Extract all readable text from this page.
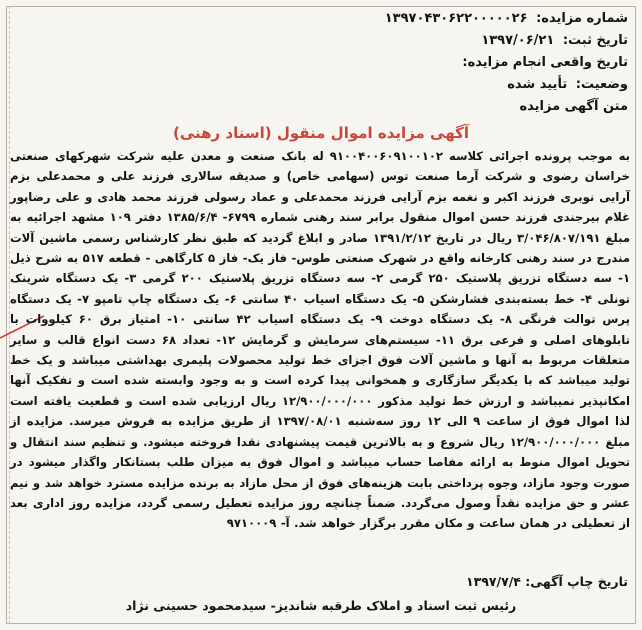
شماره مزایده: ۱۳۹۷۰۴۳۰۶۲۲۰۰۰۰۰۲۶
تاریخ ثبت: ۱۳۹۷/۰۶/۲۱
تاریخ واقعی انجام مزایده:
وضعیت: تأیید شده
متن آگهی مزایده
آگهی مزایده اموال منقول (اسناد رهنی)
به موجب پرونده اجرائی کلاسه ۹۱۰۰۴۰۰۶۰۹۱۰۰۱۰۲ له بانک صنعت و معدن علیه شرکت شهرکهای صنعتی خراسان رضوی و شرکت آرما صنعت توس (سهامی خاص) و صدیقه سالاری فرزند علی و محمدعلی بزم آرایی نوبری فرزند اکبر و نغمه بزم آرایی فرزند محمدعلی و عماد رسولی فرزند محمد هادی و علی رضاپور غلام بیرجندی فرزند حسن اموال منقول برابر سند رهنی شماره ۶۷۹۹- ۱۳۸۵/۶/۴ دفتر ۱۰۹ مشهد اجرائیه به مبلغ ۳/۰۴۶/۸۰۷/۱۹۱ ریال در تاریخ ۱۳۹۱/۲/۱۲ صادر و ابلاغ گردید که طبق نظر کارشناس رسمی ماشین آلات مندرج در سند رهنی کارخانه واقع در شهرک صنعتی طوس- فاز یک- فاز ۵ کارگاهی - قطعه ۵۱۷ به شرح ذیل ۱- سه دستگاه تزریق پلاستیک ۲۵۰ گرمی ۲- سه دستگاه تزریق پلاستیک ۲۰۰ گرمی ۳- یک دستگاه شرینک تونلی ۴- خط بسته‌بندی فشارشکن ۵- یک دستگاه اسیاب ۴۰ سانتی ۶- یک دستگاه چاپ تامپو ۷- یک دستگاه پرس توالت فرنگی ۸- یک دستگاه دوخت ۹- یک دستگاه اسیاب ۴۲ سانتی ۱۰- امتیاز برق ۶۰ کیلووات با تابلوهای اصلی و فرعی برق ۱۱- سیستم‌های سرمایش و گرمایش ۱۲- تعداد ۶۸ دست انواع قالب و سایر متعلقات مربوط به آنها و ماشین آلات فوق اجزای خط تولید محصولات پلیمری بهداشتی میباشد و یک خط تولید میباشد که با یکدیگر سازگاری و همخوانی پیدا کرده است و به وجود وابسته شده است و تفکیک آنها امکانپذیر نمیباشد و ارزش خط تولید مذکور ۱۲/۹۰۰/۰۰۰/۰۰۰ ریال ارزیابی شده است و قطعیت یافته است لذا اموال فوق از ساعت ۹ الی ۱۲ روز سه‌شنبه ۱۳۹۷/۰۸/۰۱ از طریق مزایده به فروش میرسد. مزایده از مبلغ ۱۲/۹۰۰/۰۰۰/۰۰۰ ریال شروع و به بالاترین قیمت پیشنهادی نقدا فروخته میشود. و تنظیم سند انتقال و تحویل اموال منوط به ارائه مفاصا حساب میباشد و اموال فوق به میزان طلب بستانکار واگذار میشود در صورت وجود مازاد، وجوه پرداختی بابت هزینه‌های فوق از محل مازاد به برنده مزایده مسترد خواهد شد و نیم عشر و حق مزایده نقداً وصول می‌گردد. ضمناً چنانچه روز مزایده تعطیل رسمی گردد، مزایده روز اداری بعد از تعطیلی در همان ساعت و مکان مقرر برگزار خواهد شد. آ- ۹۷۱۰۰۰۹
تاریخ چاپ آگهی: ۱۳۹۷/۷/۴
رئیس ثبت اسناد و املاک طرقبه شاندیز- سیدمحمود حسینی نژاد
